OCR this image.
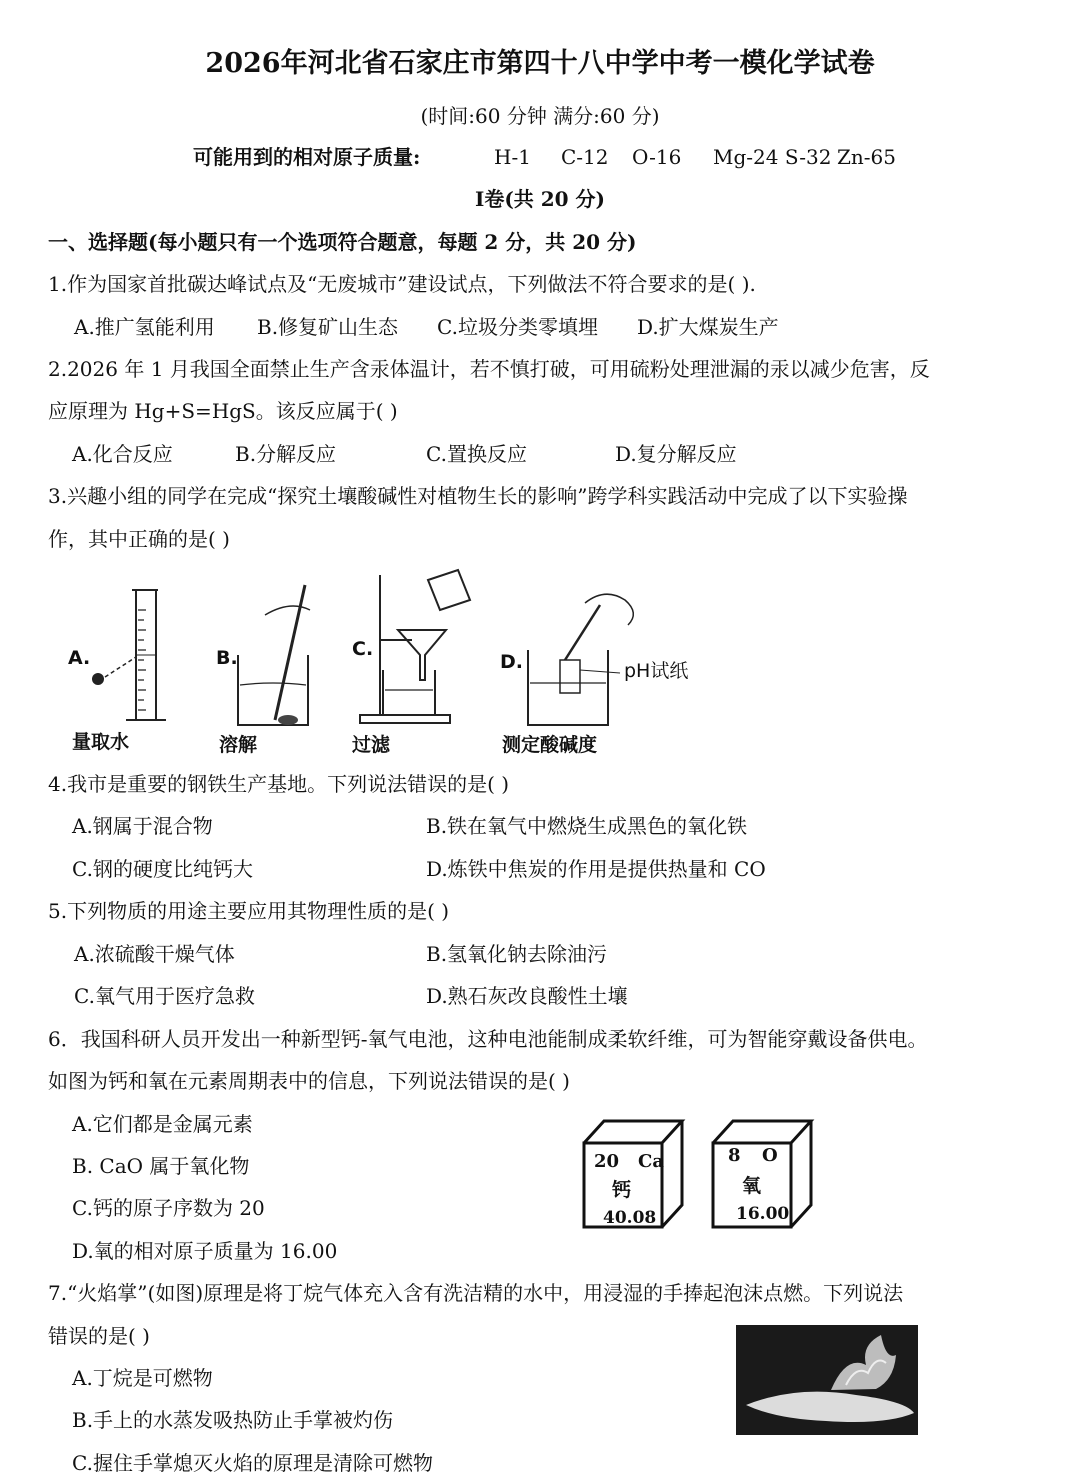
2026年河北省石家庄市第四十八中学中考一模化学试卷
(时间:60 分钟 满分:60 分)
可能用到的相对原子质量:	H-1 C-12 O-16 Mg-24 S-32 Zn-65
Ⅰ卷(共 20 分)
一、选择题(每小题只有一个选项符合题意，每题 2 分，共 20 分)
1.作为国家首批碳达峰试点及“无废城市”建设试点，下列做法不符合要求的是( ).
A.推广氢能利用 B.修复矿山生态 C.垃圾分类零填埋 D.扩大煤炭生产
2.2026 年 1 月我国全面禁止生产含汞体温计，若不慎打破，可用硫粉处理泄漏的汞以减少危害，反
应原理为 Hg+S=HgS。该反应属于( )
A.化合反应	B.分解反应	C.置换反应	D.复分解反应
3.兴趣小组的同学在完成“探究土壤酸碱性对植物生长的影响”跨学科实践活动中完成了以下实验操
作，其中正确的是( )
A.	B.	C.
D.	pH试纸
量取水	溶解	过滤	测定酸碱度
4.我市是重要的钢铁生产基地。下列说法错误的是( )
A.钢属于混合物	B.铁在氧气中燃烧生成黑色的氧化铁
C.钢的硬度比纯钙大	D.炼铁中焦炭的作用是提供热量和 CO
5.下列物质的用途主要应用其物理性质的是( )
A.浓硫酸干燥气体	B.氢氧化钠去除油污
C.氧气用于医疗急救	D.熟石灰改良酸性土壤
6．我国科研人员开发出一种新型钙-氧气电池，这种电池能制成柔软纤维，可为智能穿戴设备供电。
如图为钙和氧在元素周期表中的信息，下列说法错误的是( )
A.它们都是金属元素
B. CaO 属于氧化物
C.钙的原子序数为 20
D.氧的相对原子质量为 16.00
20 Ca
钙
40.08
8 O
氧
16.00
7.“火焰掌”(如图)原理是将丁烷气体充入含有洗洁精的水中，用浸湿的手捧起泡沫点燃。下列说法
错误的是( )
A.丁烷是可燃物
B.手上的水蒸发吸热防止手掌被灼伤
C.握住手掌熄灭火焰的原理是清除可燃物
